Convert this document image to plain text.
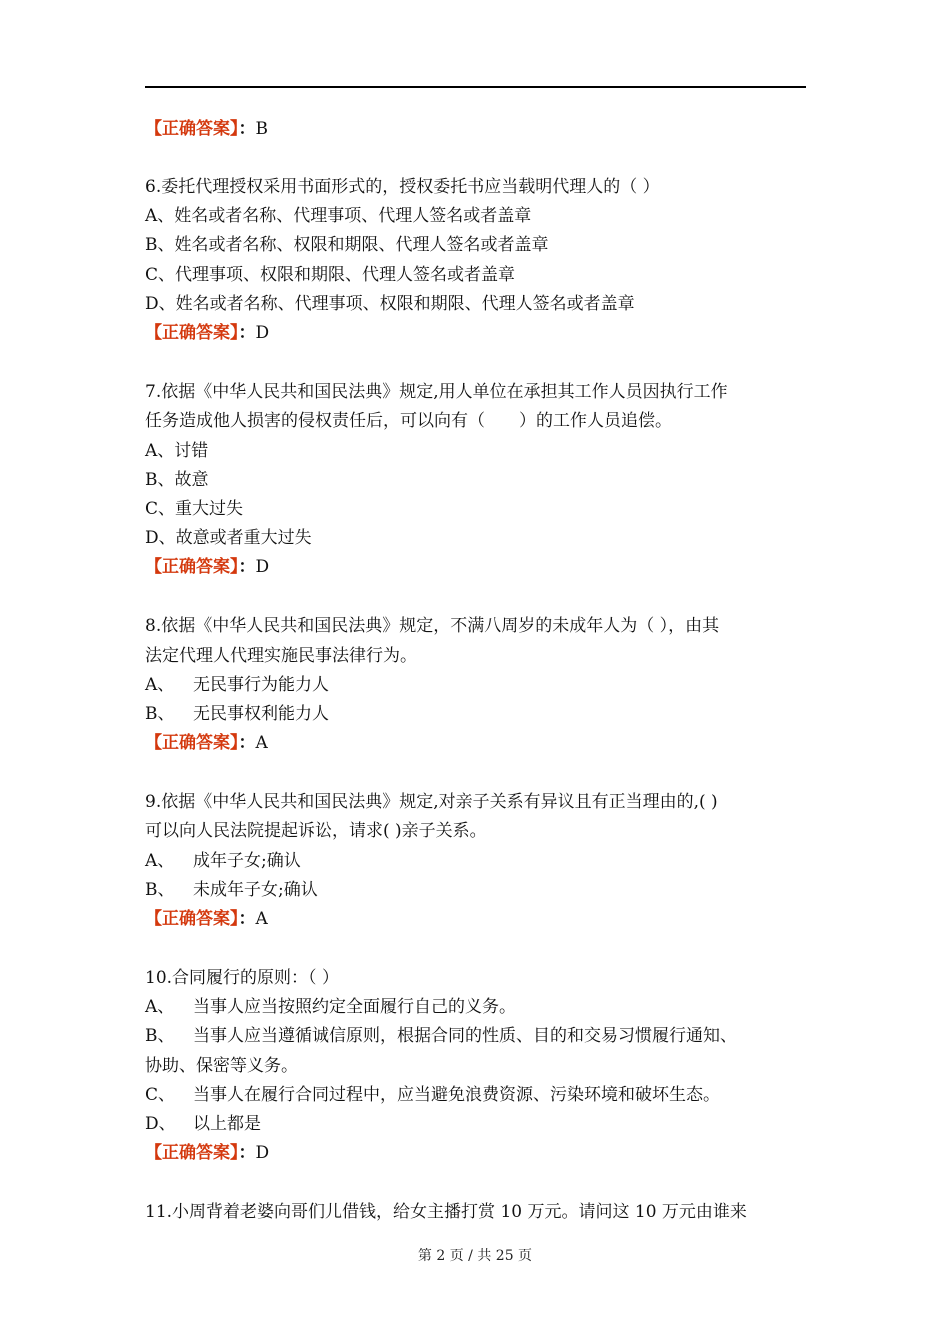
【正确答案】：B
6.委托代理授权采用书面形式的，授权委托书应当载明代理人的（ ）
A、姓名或者名称、代理事项、代理人签名或者盖章
B、姓名或者名称、权限和期限、代理人签名或者盖章
C、代理事项、权限和期限、代理人签名或者盖章
D、姓名或者名称、代理事项、权限和期限、代理人签名或者盖章
【正确答案】：D
7.依据《中华人民共和国民法典》规定,用人单位在承担其工作人员因执行工作
任务造成他人损害的侵权责任后，可以向有（　　）的工作人员追偿。
A、讨错
B、故意
C、重大过失
D、故意或者重大过失
【正确答案】：D
8.依据《中华人民共和国民法典》规定，不满八周岁的未成年人为（ ），由其
法定代理人代理实施民事法律行为。
A、 无民事行为能力人
B、 无民事权利能力人
【正确答案】：A
9.依据《中华人民共和国民法典》规定,对亲子关系有异议且有正当理由的,( )
可以向人民法院提起诉讼，请求( )亲子关系。
A、 成年子女;确认
B、 未成年子女;确认
【正确答案】：A
10.合同履行的原则：（ ）
A、 当事人应当按照约定全面履行自己的义务。
B、 当事人应当遵循诚信原则，根据合同的性质、目的和交易习惯履行通知、
协助、保密等义务。
C、 当事人在履行合同过程中，应当避免浪费资源、污染环境和破坏生态。
D、 以上都是
【正确答案】：D
11.小周背着老婆向哥们儿借钱，给女主播打赏 10 万元。请问这 10 万元由谁来
第 2 页 / 共 25 页
